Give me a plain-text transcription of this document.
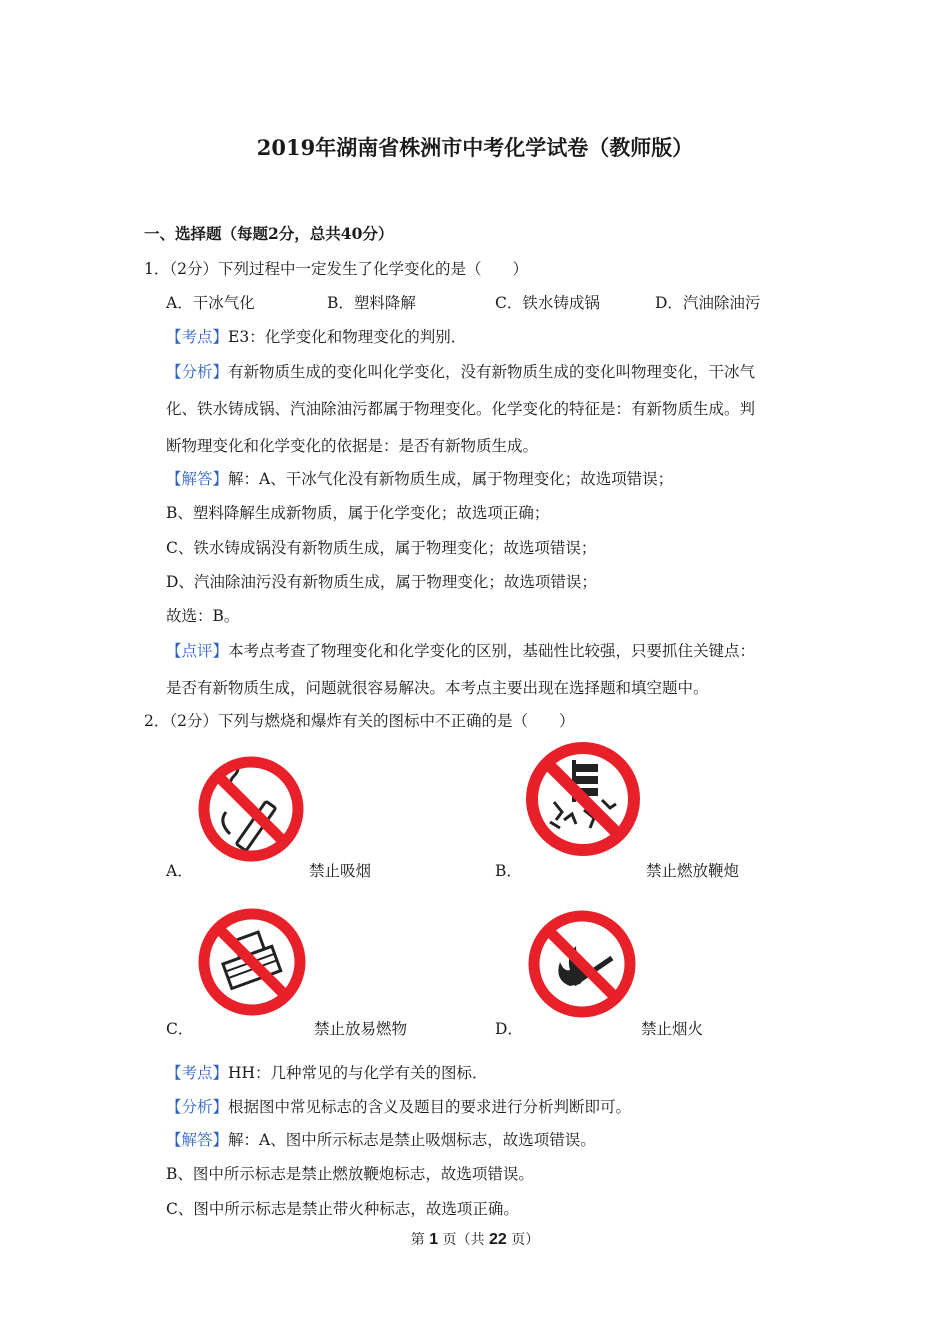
2019年湖南省株洲市中考化学试卷（教师版）
一、选择题（每题2分，总共40分）
1．（2分）下列过程中一定发生了化学变化的是（　　）
A．干冰气化	B．塑料降解	C．铁水铸成锅	D．汽油除油污
【考点】E3：化学变化和物理变化的判别．
【分析】有新物质生成的变化叫化学变化，没有新物质生成的变化叫物理变化，干冰气
化、铁水铸成锅、汽油除油污都属于物理变化。化学变化的特征是：有新物质生成。判
断物理变化和化学变化的依据是：是否有新物质生成。
【解答】解：A、干冰气化没有新物质生成，属于物理变化；故选项错误；
B、塑料降解生成新物质，属于化学变化；故选项正确；
C、铁水铸成锅没有新物质生成，属于物理变化；故选项错误；
D、汽油除油污没有新物质生成，属于物理变化；故选项错误；
故选：B。
【点评】本考点考查了物理变化和化学变化的区别，基础性比较强，只要抓住关键点：
是否有新物质生成，问题就很容易解决。本考点主要出现在选择题和填空题中。
2．（2分）下列与燃烧和爆炸有关的图标中不正确的是（　　）
A．	禁止吸烟	B．	禁止燃放鞭炮
C．	禁止放易燃物	D．	禁止烟火
【考点】HH：几种常见的与化学有关的图标．
【分析】根据图中常见标志的含义及题目的要求进行分析判断即可。
【解答】解：A、图中所示标志是禁止吸烟标志，故选项错误。
B、图中所示标志是禁止燃放鞭炮标志，故选项错误。
C、图中所示标志是禁止带火种标志，故选项正确。
第 1 页（共 22 页）
